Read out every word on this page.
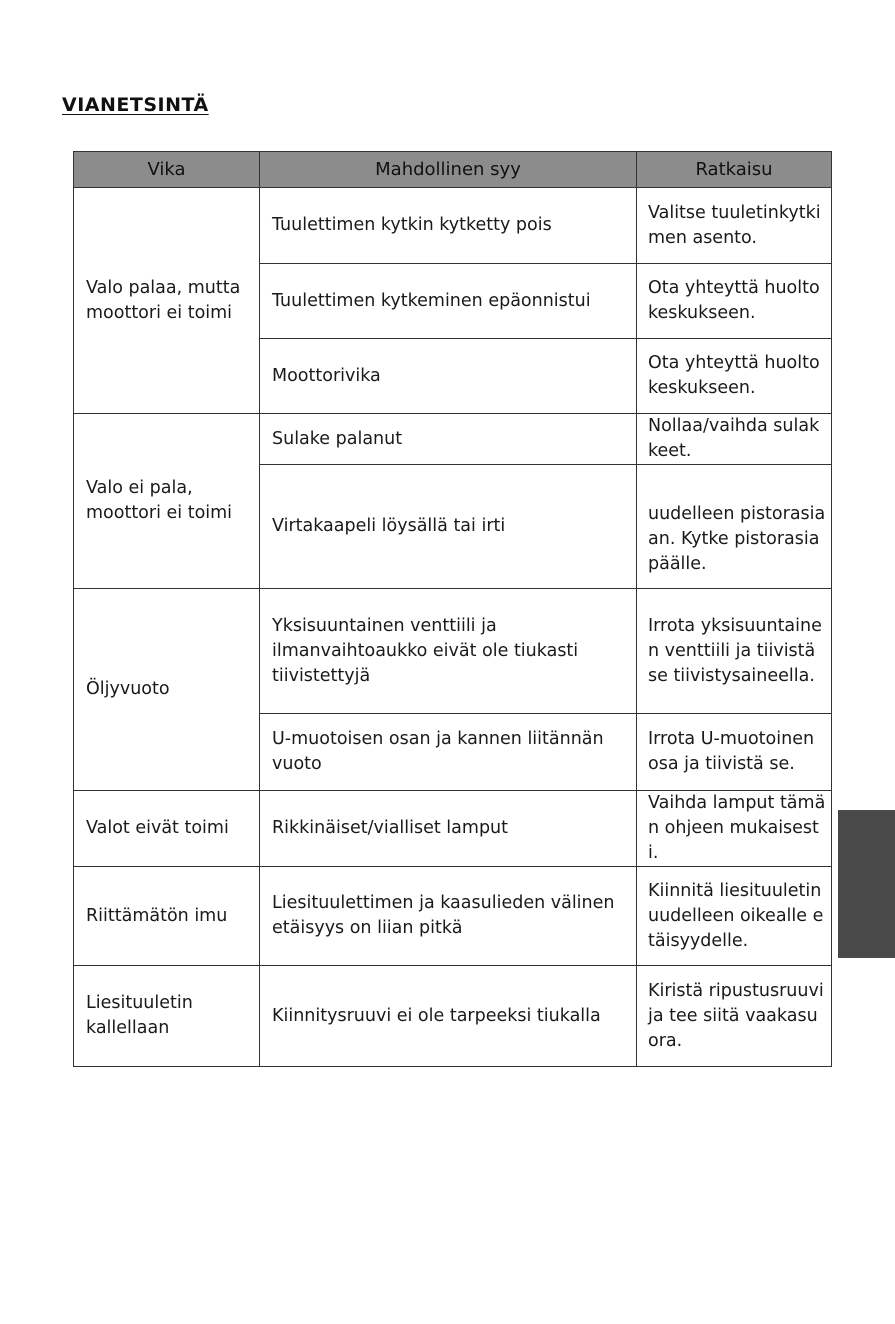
VIANETSINTÄ
Vika	Mahdollinen syy	Ratkaisu
Valo palaa, mutta moottori ei toimi	Tuulettimen kytkin kytketty pois	Valitse tuuletinkytkimen asento.
	Tuulettimen kytkeminen epäonnistui	Ota yhteyttä huoltokeskukseen.
	Moottorivika	Ota yhteyttä huoltokeskukseen.
Valo ei pala, moottori ei toimi	Sulake palanut	Nollaa/vaihda sulakkeet.
	Virtakaapeli löysällä tai irti	uudelleen pistorasiaan. Kytke pistorasia päälle.
Öljyvuoto	Yksisuuntainen venttiili ja ilmanvaihtoaukko eivät ole tiukasti tiivistettyjä	Irrota yksisuuntainen venttiili ja tiivistä se tiivistysaineella.
	U-muotoisen osan ja kannen liitännän vuoto	Irrota U-muotoinen osa ja tiivistä se.
Valot eivät toimi	Rikkinäiset/vialliset lamput	Vaihda lamput tämän ohjeen mukaisesti.
Riittämätön imu	Liesituulettimen ja kaasulieden välinen etäisyys on liian pitkä	Kiinnitä liesituuletin uudelleen oikealle etäisyydelle.
Liesituuletin kallellaan	Kiinnitysruuvi ei ole tarpeeksi tiukalla	Kiristä ripustusruuvi ja tee siitä vaakasuora.
